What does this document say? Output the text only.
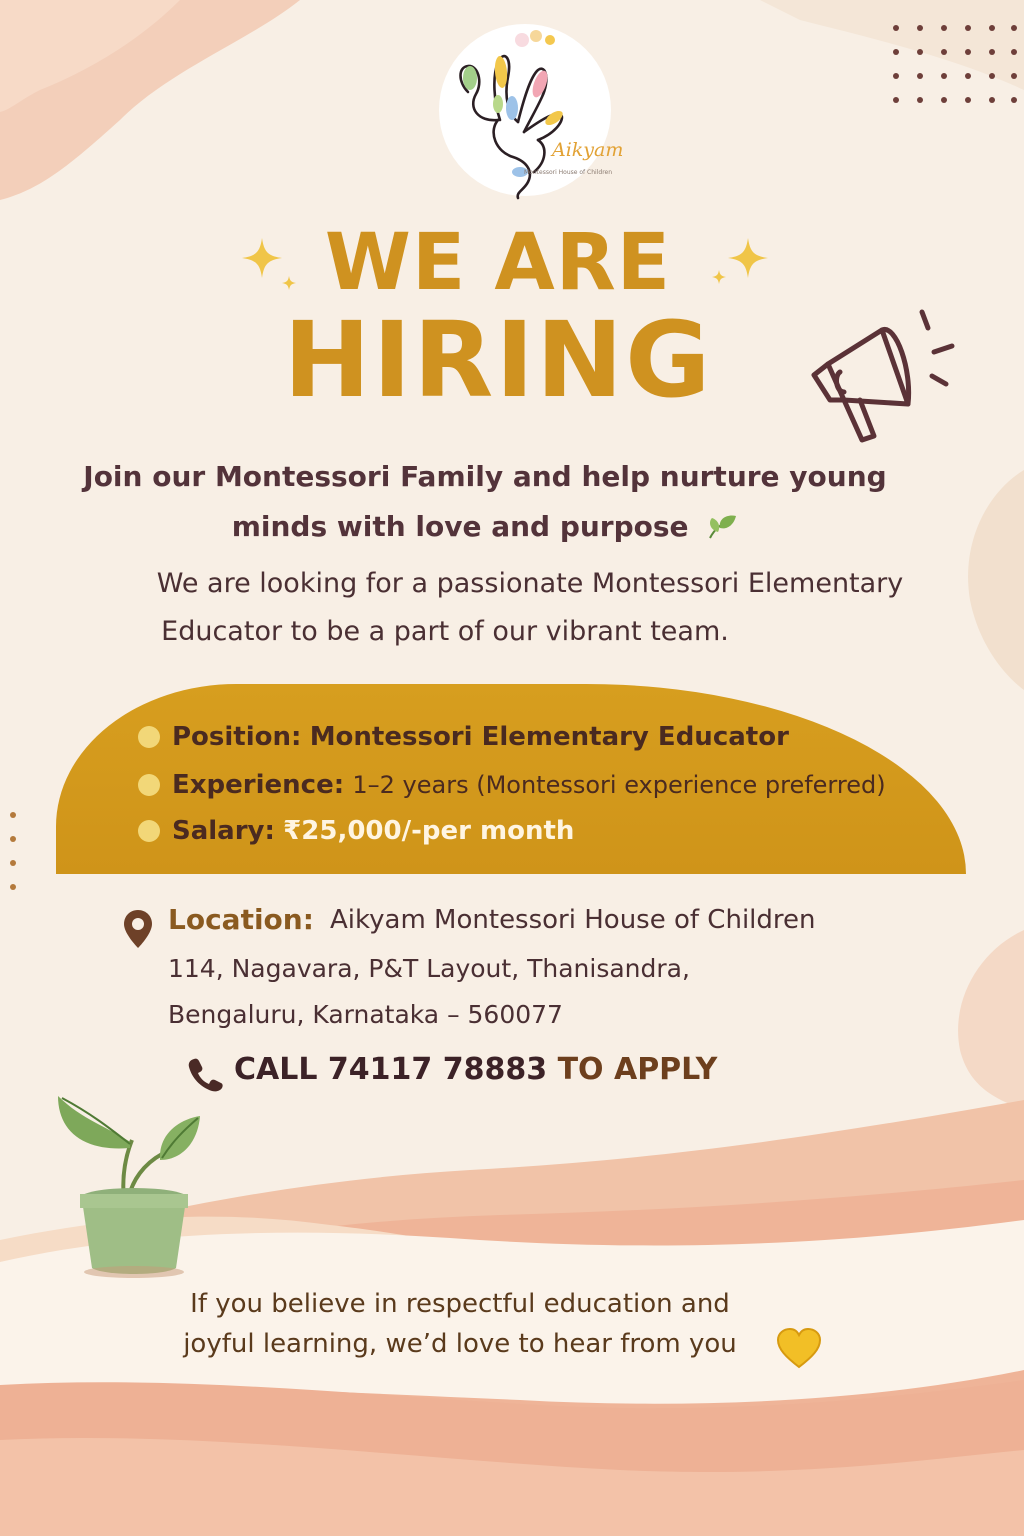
Aikyam
Montessori House of Children
WE ARE
HIRING
Join our Montessori Family and help nurture young
minds with love and purpose
We are looking for a passionate Montessori Elementary
Educator to be a part of our vibrant team.
Position: Montessori Elementary Educator
Experience: 1–2 years (Montessori experience preferred)
Salary: ₹25,000/-per month
Location: Aikyam Montessori House of Children
114, Nagavara, P&T Layout, Thanisandra,
Bengaluru, Karnataka – 560077
CALL 74117 78883 TO APPLY
If you believe in respectful education and
joyful learning, we’d love to hear from you
